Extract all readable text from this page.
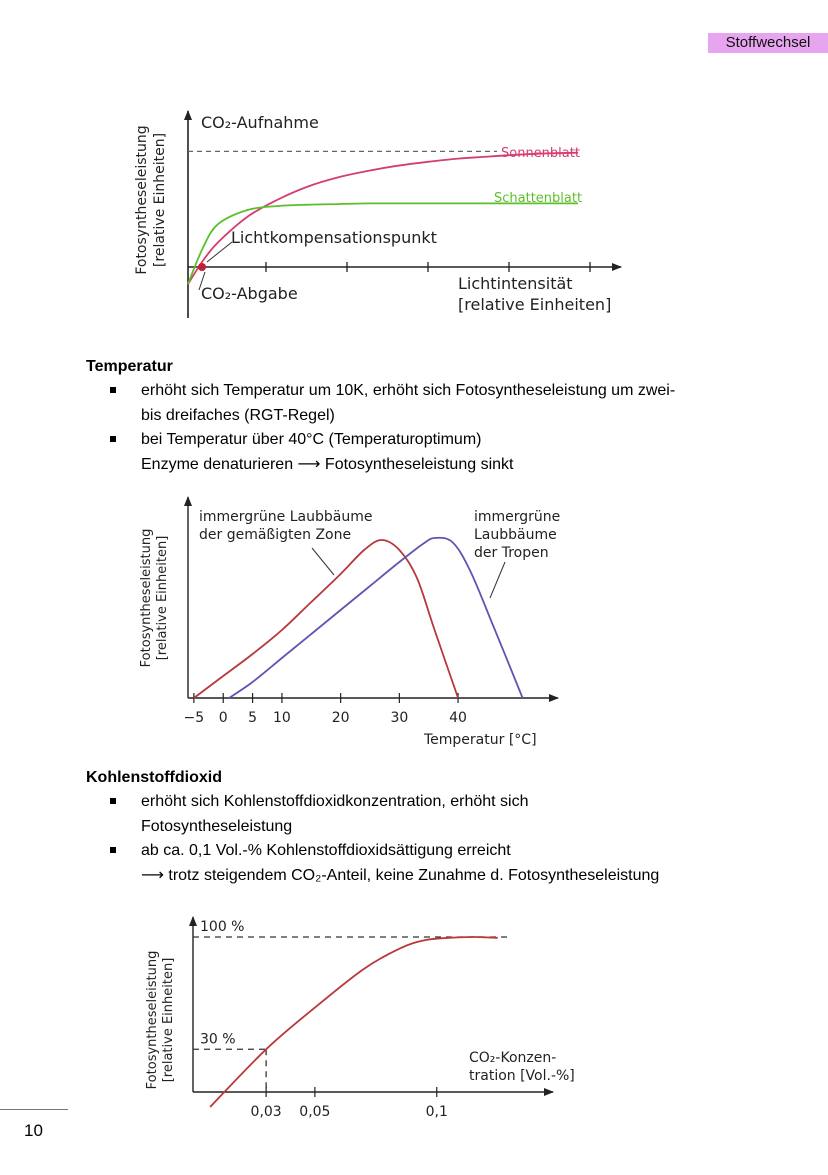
Stoffwechsel
Fotosyntheseleistung [relative Einheiten]
CO₂-Aufnahme
CO₂-Abgabe
Lichtkompensationspunkt
Lichtintensität
[relative Einheiten]
Sonnenblatt
Schattenblatt
Temperatur
erhöht sich Temperatur um 10K, erhöht sich Fotosyntheseleistung um zwei-
bis dreifaches (RGT-Regel)
bei Temperatur über 40°C (Temperaturoptimum)
Enzyme denaturieren ⟶ Fotosyntheseleistung sinkt
−5 0 5 10	20	30	40
Fotosyntheseleistung [relative Einheiten]
immergrüne Laubbäume
der gemäßigten Zone
immergrüne
Laubbäume
der Tropen
Temperatur [°C]
Kohlenstoffdioxid
erhöht sich Kohlenstoffdioxidkonzentration, erhöht sich
Fotosyntheseleistung
ab ca. 0,1 Vol.-% Kohlenstoffdioxidsättigung erreicht
⟶ trotz steigendem CO₂-Anteil, keine Zunahme d. Fotosyntheseleistung
100 %
30 %
0,03 0,05	0,1
Fotosyntheseleistung [relative Einheiten]	CO₂-Konzen-
tration [Vol.-%]
10
